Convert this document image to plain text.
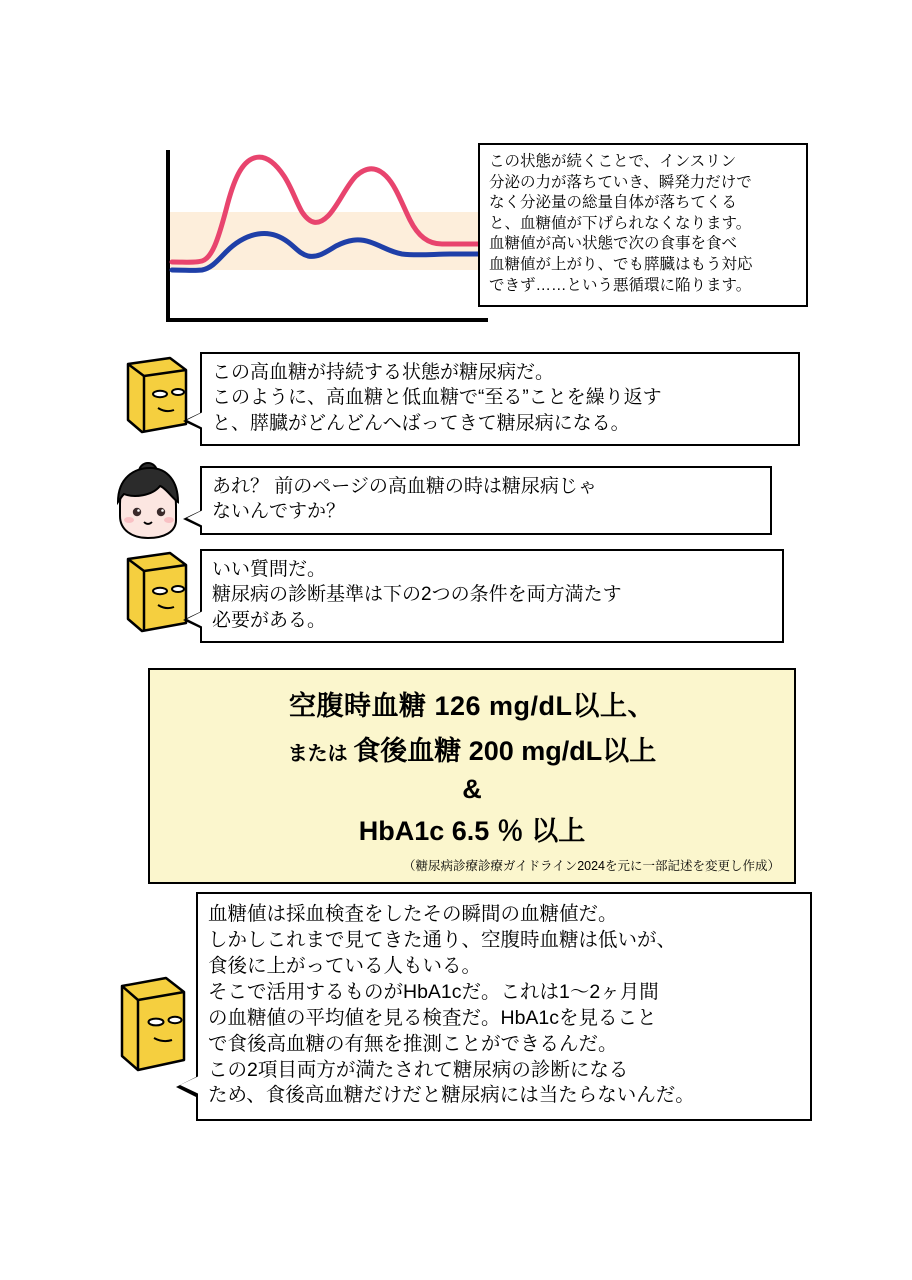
この状態が続くことで、インスリン

分泌の力が落ちていき、瞬発力だけで

なく分泌量の総量自体が落ちてくる

と、血糖値が下げられなくなります。

血糖値が高い状態で次の食事を食べ

血糖値が上がり、でも膵臓はもう対応

できず……という悪循環に陥ります。

この高血糖が持続する状態が糖尿病だ。

このように、高血糖と低血糖で“至る”ことを繰り返す

と、膵臓がどんどんへばってきて糖尿病になる。

あれ？ 前のページの高血糖の時は糖尿病じゃ

ないんですか？

いい質問だ。

糖尿病の診断基準は下の2つの条件を両方満たす

必要がある。

空腹時血糖 126 mg/dL以上、
または 食後血糖 200 mg/dL以上
&
HbA1c 6.5 ％ 以上
（糖尿病診療診療ガイドライン2024を元に一部記述を変更し作成）

血糖値は採血検査をしたその瞬間の血糖値だ。

しかしこれまで見てきた通り、空腹時血糖は低いが、

食後に上がっている人もいる。

そこで活用するものがHbA1cだ。これは1〜2ヶ月間

の血糖値の平均値を見る検査だ。HbA1cを見ること

で食後高血糖の有無を推測ことができるんだ。

この2項目両方が満たされて糖尿病の診断になる

ため、食後高血糖だけだと糖尿病には当たらないんだ。
